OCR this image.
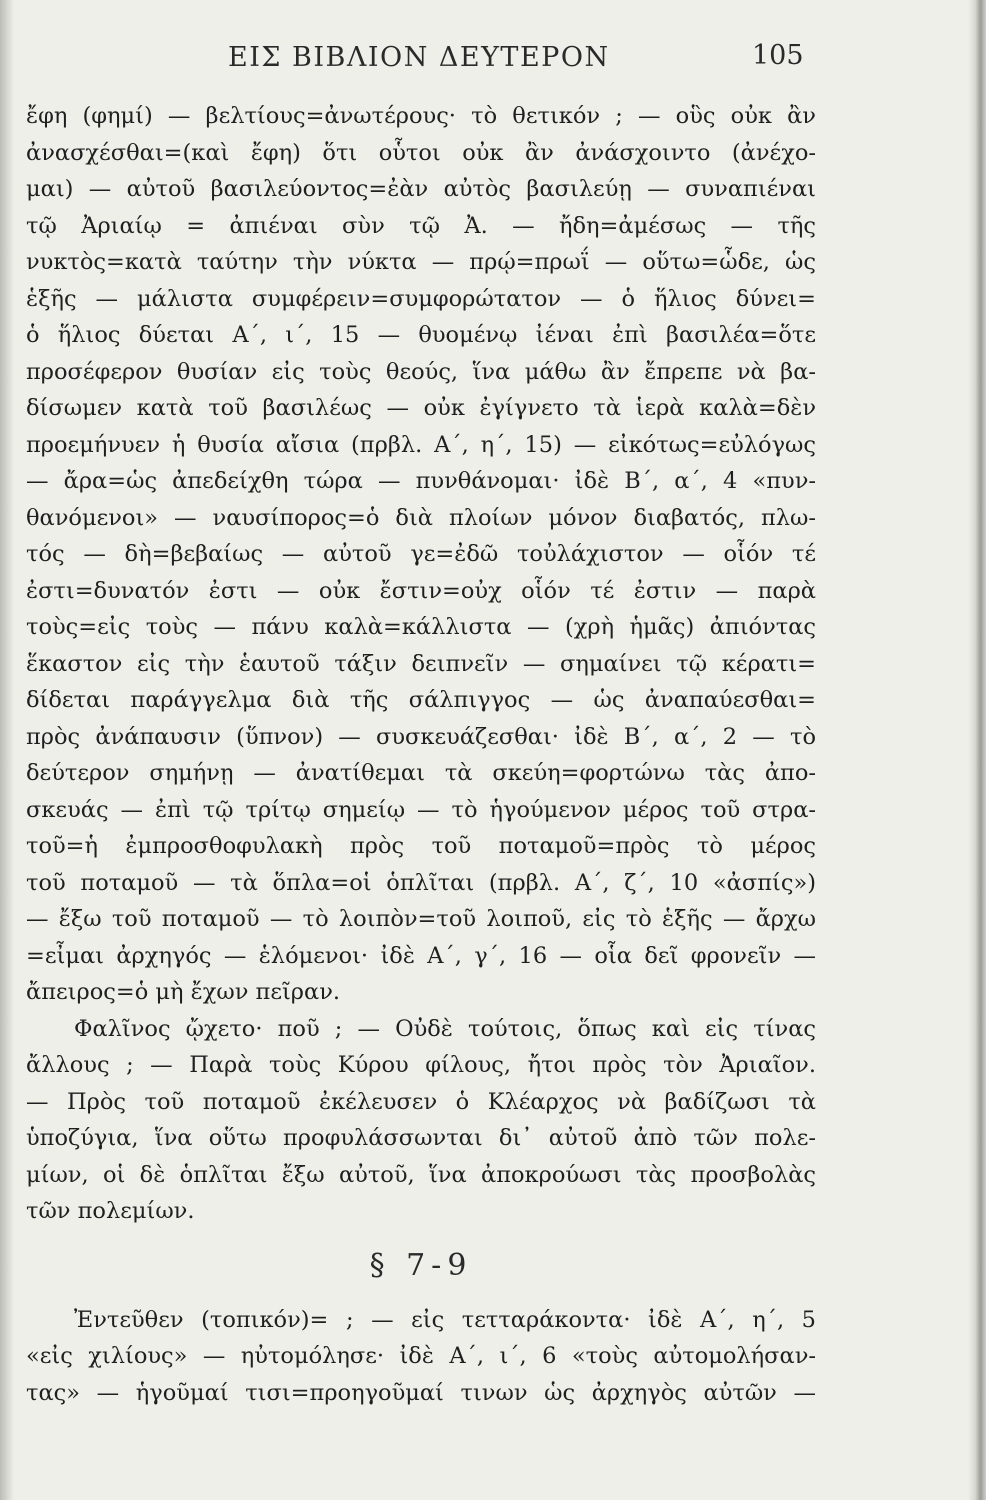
ΕΙΣ ΒΙΒΛΙΟΝ ΔΕΥΤΕΡΟΝ	105
ἔφη (φημί) — βελτίους=ἀνωτέρους· τὸ θετικόν ; — οὓς οὐκ ἂν
ἀνασχέσθαι=(καὶ ἔφη) ὅτι οὗτοι οὐκ ἂν ἀνάσχοιντο (ἀνέχο-
μαι) — αὐτοῦ βασιλεύοντος=ἐὰν αὐτὸς βασιλεύῃ — συναπιέναι
τῷ Ἀριαίῳ = ἀπιέναι σὺν τῷ Ἀ. — ἤδη=ἀμέσως — τῆς
νυκτὸς=κατὰ ταύτην τὴν νύκτα — πρῴ=πρωΐ — οὕτω=ὧδε, ὡς
ἑξῆς — μάλιστα συμφέρειν=συμφορώτατον — ὁ ἥλιος δύνει=
ὁ ἥλιος δύεται Α΄, ι΄, 15 — θυομένῳ ἰέναι ἐπὶ βασιλέα=ὅτε
προσέφερον θυσίαν εἰς τοὺς θεούς, ἵνα μάθω ἂν ἔπρεπε νὰ βα-
δίσωμεν κατὰ τοῦ βασιλέως — οὐκ ἐγίγνετο τὰ ἱερὰ καλὰ=δὲν
προεμήνυεν ἡ θυσία αἴσια (πρβλ. Α΄, η΄, 15) — εἰκότως=εὐλόγως
— ἄρα=ὡς ἀπεδείχθη τώρα — πυνθάνομαι· ἰδὲ Β΄, α΄, 4 «πυν-
θανόμενοι» — ναυσίπορος=ὁ διὰ πλοίων μόνον διαβατός, πλω-
τός — δὴ=βεβαίως — αὐτοῦ γε=ἐδῶ τοὐλάχιστον — οἷόν τέ
ἐστι=δυνατόν ἐστι — οὐκ ἔστιν=οὐχ οἷόν τέ ἐστιν — παρὰ
τοὺς=εἰς τοὺς — πάνυ καλὰ=κάλλιστα — (χρὴ ἡμᾶς) ἀπιόντας
ἕκαστον εἰς τὴν ἑαυτοῦ τάξιν δειπνεῖν — σημαίνει τῷ κέρατι=
δίδεται παράγγελμα διὰ τῆς σάλπιγγος — ὡς ἀναπαύεσθαι=
πρὸς ἀνάπαυσιν (ὕπνον) — συσκευάζεσθαι· ἰδὲ Β΄, α΄, 2 — τὸ
δεύτερον σημήνῃ — ἀνατίθεμαι τὰ σκεύη=φορτώνω τὰς ἀπο-
σκευάς — ἐπὶ τῷ τρίτῳ σημείῳ — τὸ ἡγούμενον μέρος τοῦ στρα-
τοῦ=ἡ ἐμπροσθοφυλακὴ πρὸς τοῦ ποταμοῦ=πρὸς τὸ μέρος
τοῦ ποταμοῦ — τὰ ὅπλα=οἱ ὁπλῖται (πρβλ. Α΄, ζ΄, 10 «ἀσπίς»)
— ἔξω τοῦ ποταμοῦ — τὸ λοιπὸν=τοῦ λοιποῦ, εἰς τὸ ἑξῆς — ἄρχω
=εἶμαι ἀρχηγός — ἑλόμενοι· ἰδὲ Α΄, γ΄, 16 — οἷα δεῖ φρονεῖν —
ἄπειρος=ὁ μὴ ἔχων πεῖραν.
Φαλῖνος ᾤχετο· ποῦ ; — Οὐδὲ τούτοις, ὅπως καὶ εἰς τίνας
ἄλλους ; — Παρὰ τοὺς Κύρου φίλους, ἤτοι πρὸς τὸν Ἀριαῖον.
— Πρὸς τοῦ ποταμοῦ ἐκέλευσεν ὁ Κλέαρχος νὰ βαδίζωσι τὰ
ὑποζύγια, ἵνα οὕτω προφυλάσσωνται δι᾽ αὐτοῦ ἀπὸ τῶν πολε-
μίων, οἱ δὲ ὁπλῖται ἔξω αὐτοῦ, ἵνα ἀποκρούωσι τὰς προσβολὰς
τῶν πολεμίων.
§ 7-9
Ἐντεῦθεν (τοπικόν)= ; — εἰς τετταράκοντα· ἰδὲ Α΄, η΄, 5
«εἰς χιλίους» — ηὐτομόλησε· ἰδὲ Α΄, ι΄, 6 «τοὺς αὐτομολήσαν-
τας» — ἡγοῦμαί τισι=προηγοῦμαί τινων ὡς ἀρχηγὸς αὐτῶν —
